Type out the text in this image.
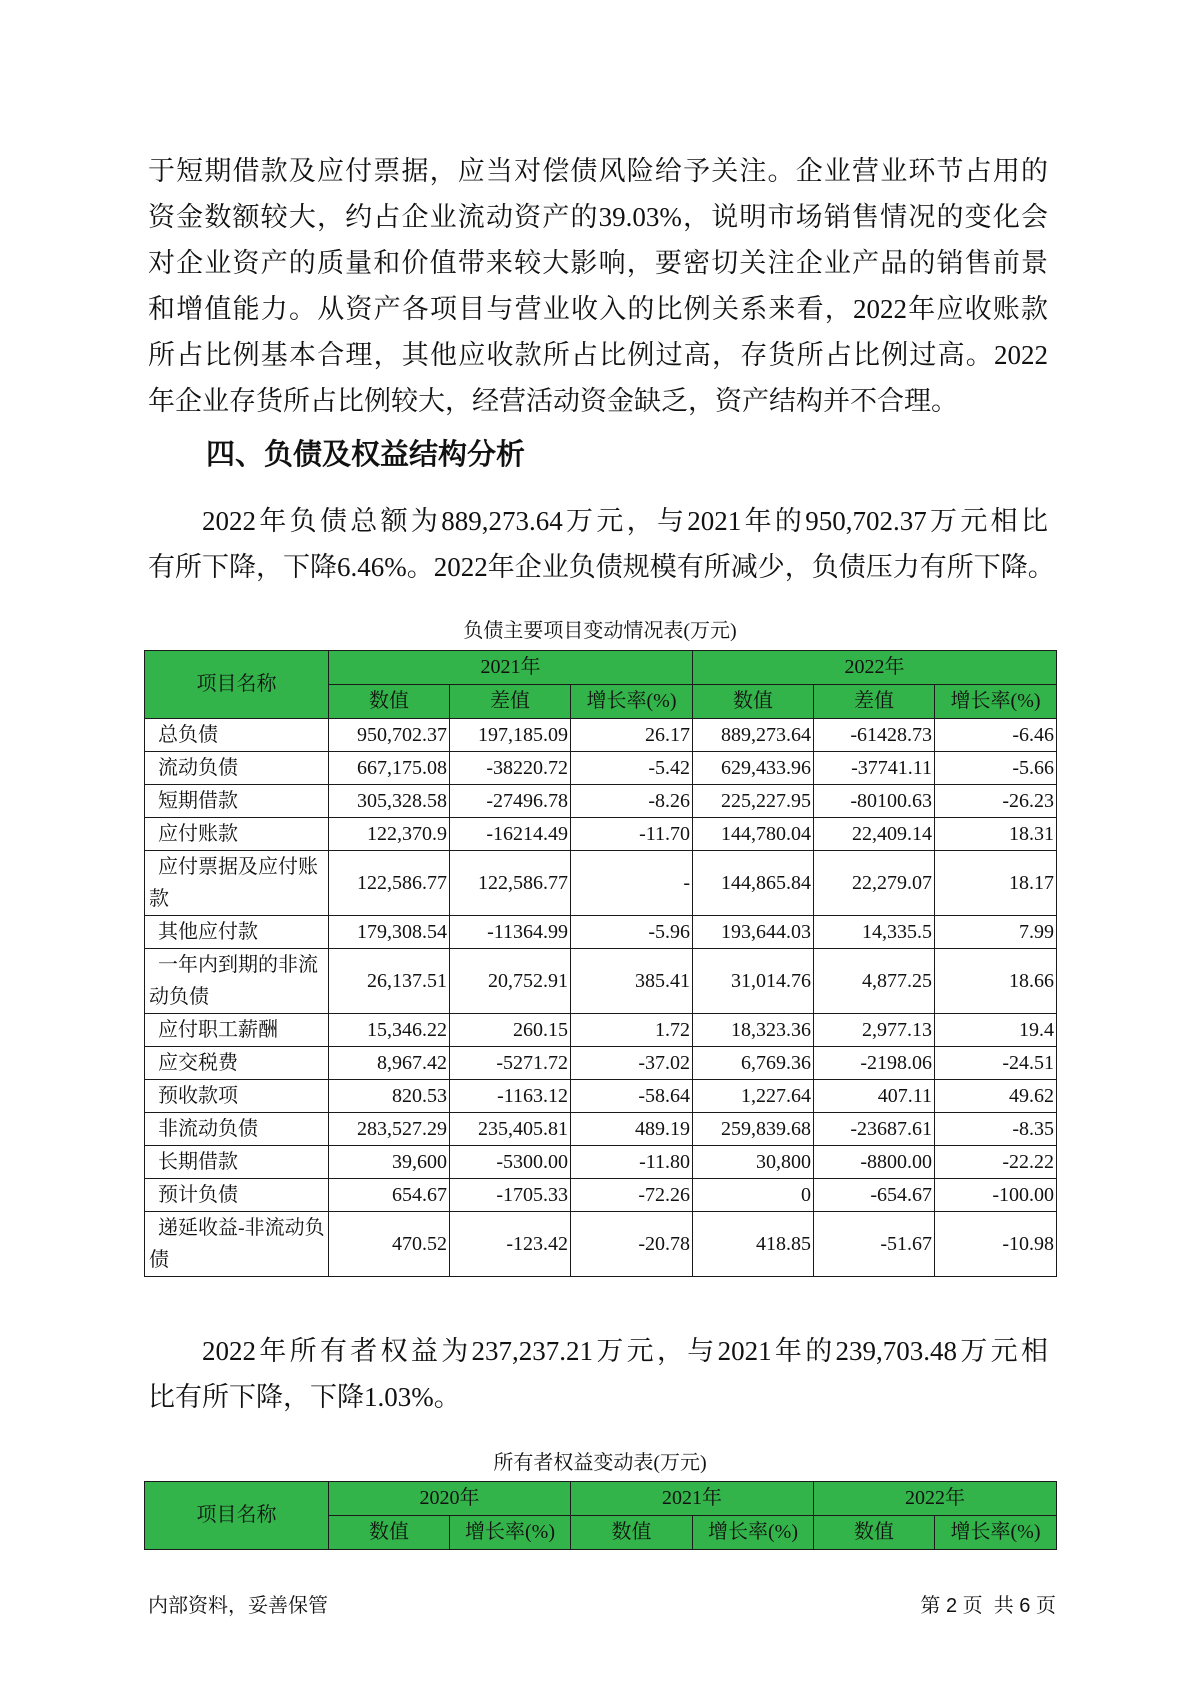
于短期借款及应付票据，应当对偿债风险给予关注。企业营业环节占用的
资金数额较大，约占企业流动资产的39.03%，说明市场销售情况的变化会
对企业资产的质量和价值带来较大影响，要密切关注企业产品的销售前景
和增值能力。从资产各项目与营业收入的比例关系来看，2022年应收账款
所占比例基本合理，其他应收款所占比例过高，存货所占比例过高。2022
年企业存货所占比例较大，经营活动资金缺乏，资产结构并不合理。
四、负债及权益结构分析
2022年负债总额为889,273.64万元，与2021年的950,702.37万元相比
有所下降，下降6.46%。2022年企业负债规模有所减少，负债压力有所下降。
负债主要项目变动情况表(万元)
项目名称	2021年			2022年		
	数值	差值	增长率(%)	数值	差值	增长率(%)
总负债	950,702.37	197,185.09	26.17	889,273.64	-61428.73	-6.46
流动负债	667,175.08	-38220.72	-5.42	629,433.96	-37741.11	-5.66
短期借款	305,328.58	-27496.78	-8.26	225,227.95	-80100.63	-26.23
应付账款	122,370.9	-16214.49	-11.70	144,780.04	22,409.14	18.31
应付票据及应付账款	122,586.77	122,586.77	-	144,865.84	22,279.07	18.17
其他应付款	179,308.54	-11364.99	-5.96	193,644.03	14,335.5	7.99
一年内到期的非流动负债	26,137.51	20,752.91	385.41	31,014.76	4,877.25	18.66
应付职工薪酬	15,346.22	260.15	1.72	18,323.36	2,977.13	19.4
应交税费	8,967.42	-5271.72	-37.02	6,769.36	-2198.06	-24.51
预收款项	820.53	-1163.12	-58.64	1,227.64	407.11	49.62
非流动负债	283,527.29	235,405.81	489.19	259,839.68	-23687.61	-8.35
长期借款	39,600	-5300.00	-11.80	30,800	-8800.00	-22.22
预计负债	654.67	-1705.33	-72.26	0	-654.67	-100.00
递延收益-非流动负债	470.52	-123.42	-20.78	418.85	-51.67	-10.98
2022年所有者权益为237,237.21万元，与2021年的239,703.48万元相
比有所下降，下降1.03%。
所有者权益变动表(万元)
项目名称	2020年		2021年		2022年	
	数值	增长率(%)	数值	增长率(%)	数值	增长率(%)
内部资料，妥善保管	第 2 页  共 6 页
